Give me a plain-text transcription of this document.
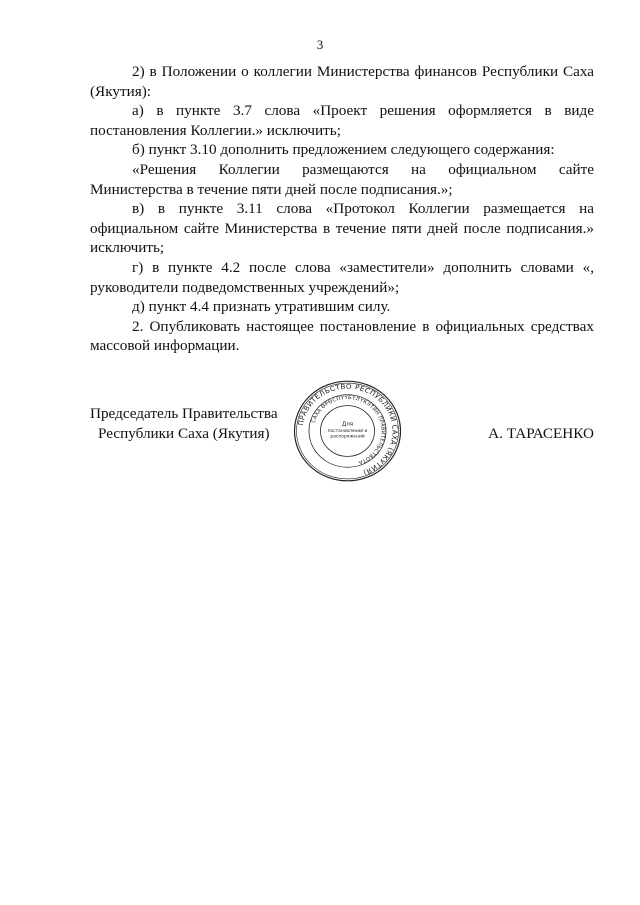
3

2) в Положении о коллегии Министерства финансов Республики Саха (Якутия):

а) в пункте 3.7 слова «Проект решения оформляется в виде постановления Коллегии.» исключить;

б) пункт 3.10 дополнить предложением следующего содержания:

«Решения Коллегии размещаются на официальном сайте Министерства в течение пяти дней после подписания.»;

в) в пункте 3.11 слова «Протокол Коллегии размещается на официальном сайте Министерства в течение пяти дней после подписания.» исключить;

г) в пункте 4.2 после слова «заместители» дополнить словами «, руководители подведомственных учреждений»;

д) пункт 4.4 признать утратившим силу.

2. Опубликовать настоящее постановление в официальных средствах массовой информации.

Председатель Правительства
Республики Саха (Якутия)	А. ТАРАСЕНКО
ПРАВИТЕЛЬСТВО РЕСПУБЛИКИ САХА (ЯКУТИЯ)
САХА ӨРӨСПҮҮБҮЛҮКЭТИН ПРАВИТЕЛЬСТВОТА
Для
постановлений и
распоряжений
